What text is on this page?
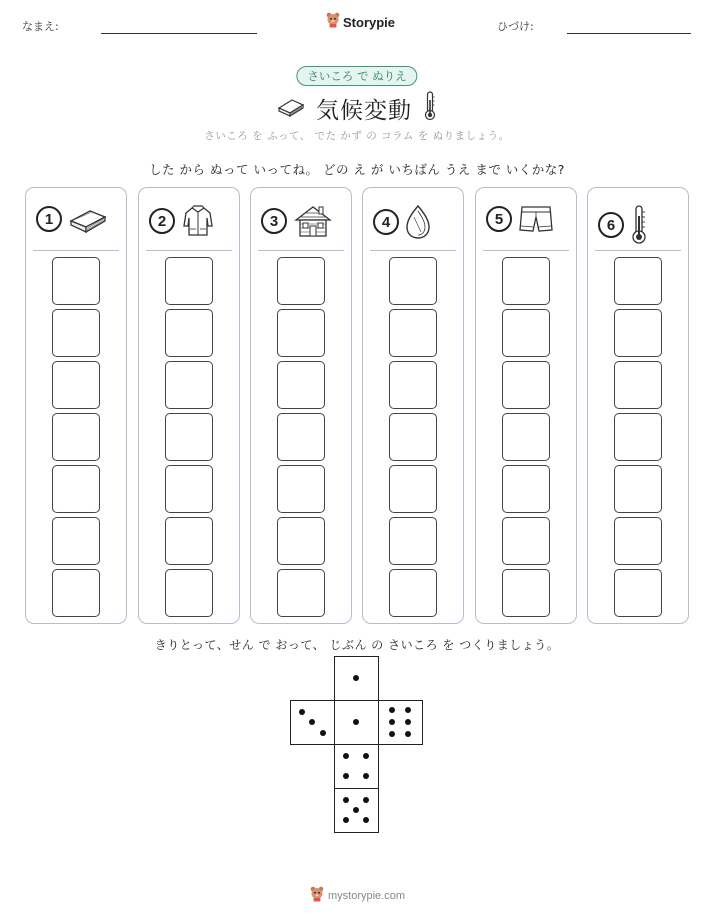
なまえ:	Storypie	ひづけ:
さいころ で ぬりえ
気候変動
さいころ を ふって、 でた かず の コラム を ぬりましょう。
した から ぬって いってね。 どの え が いちばん うえ まで いくかな?
1	2	3	4	5	6
きりとって、せん で おって、 じぶん の さいころ を つくりましょう。
mystorypie.com
